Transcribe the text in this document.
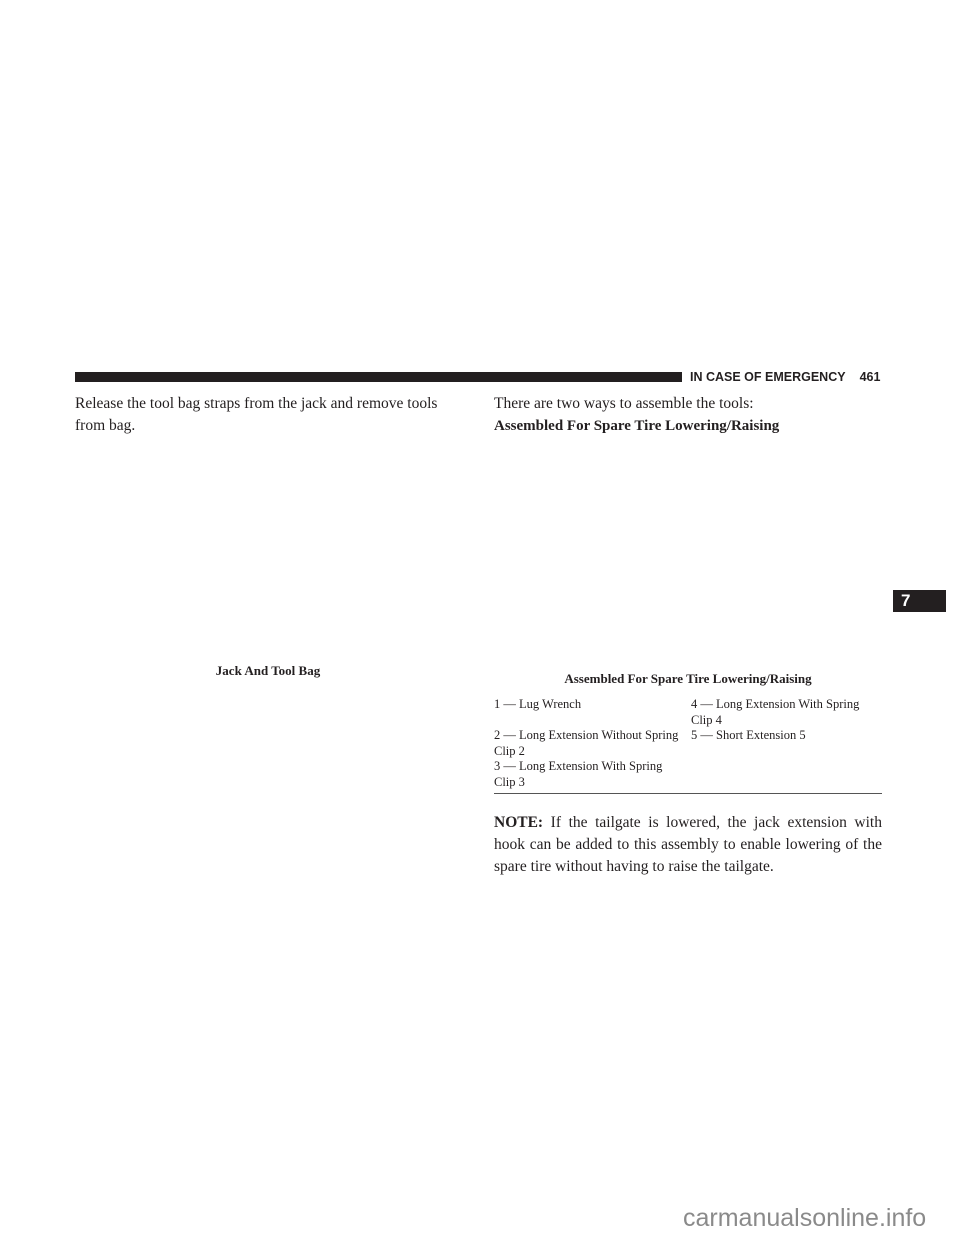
IN CASE OF EMERGENCY 461
Release the tool bag straps from the jack and remove tools from bag.
Jack And Tool Bag
There are two ways to assemble the tools:
Assembled For Spare Tire Lowering/Raising
Assembled For Spare Tire Lowering/Raising
1 — Lug Wrench
2 — Long Extension Without Spring Clip 2
3 — Long Extension With Spring Clip 3
4 — Long Extension With Spring Clip 4
5 — Short Extension 5
NOTE: If the tailgate is lowered, the jack extension with hook can be added to this assembly to enable lowering of the spare tire without having to raise the tailgate.
7
carmanualsonline.info
